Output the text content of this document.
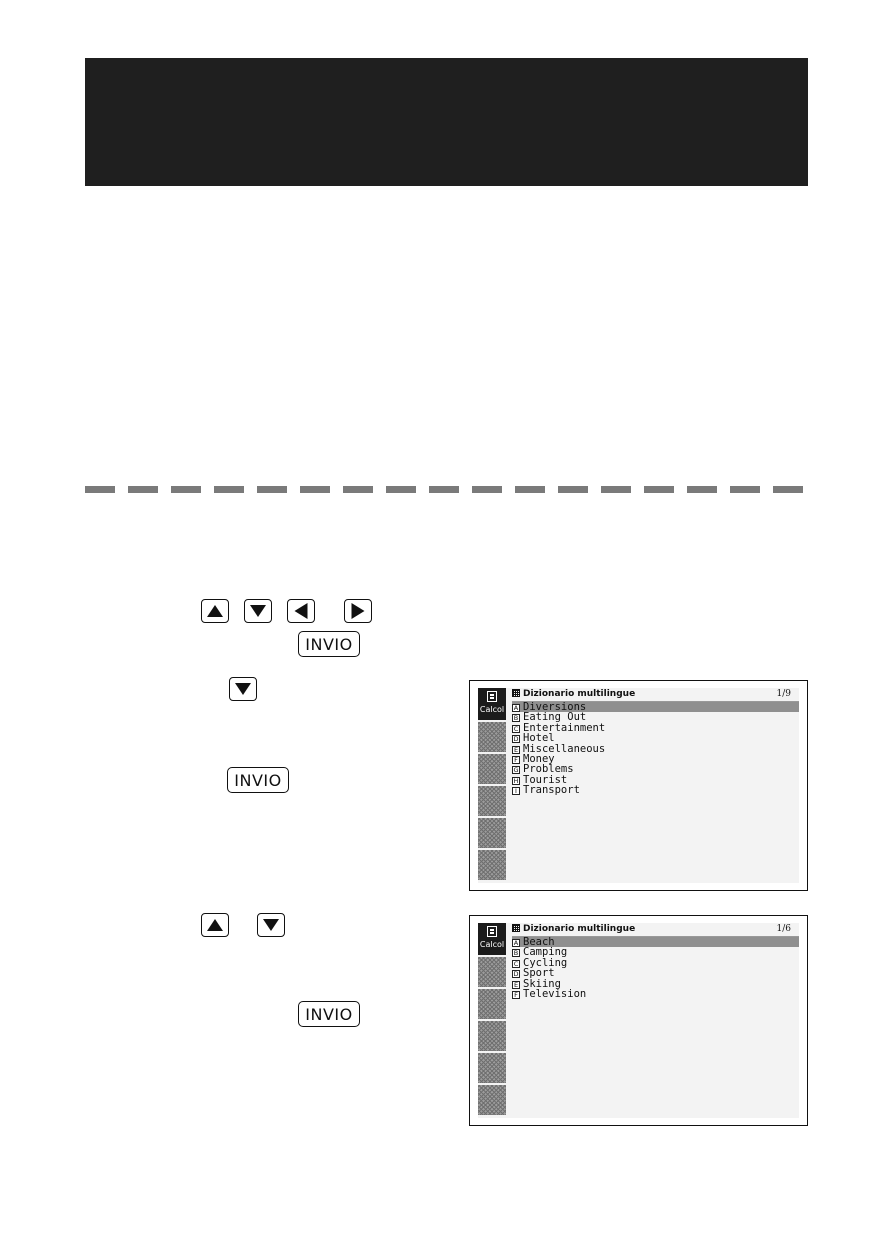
INVIO
INVIO
INVIO
Calcol
Dizionario multilingue	1/9
A Diversions
B Eating Out
C Entertainment
D Hotel
E Miscellaneous
F Money
G Problems
H Tourist
I Transport
Calcol
Dizionario multilingue	1/6
A Beach
B Camping
C Cycling
D Sport
E Skiing
F Television
